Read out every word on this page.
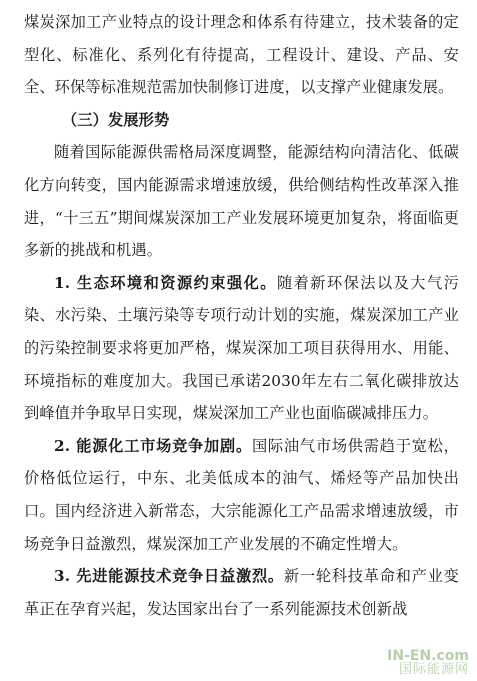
煤炭深加工产业特点的设计理念和体系有待建立，技术装备的定型化、标准化、系列化有待提高，工程设计、建设、产品、安全、环保等标准规范需加快制修订进度，以支撑产业健康发展。

（三）发展形势

随着国际能源供需格局深度调整，能源结构向清洁化、低碳化方向转变，国内能源需求增速放缓，供给侧结构性改革深入推进，“十三五”期间煤炭深加工产业发展环境更加复杂，将面临更多新的挑战和机遇。

1. 生态环境和资源约束强化。随着新环保法以及大气污染、水污染、土壤污染等专项行动计划的实施，煤炭深加工产业的污染控制要求将更加严格，煤炭深加工项目获得用水、用能、环境指标的难度加大。我国已承诺2030年左右二氧化碳排放达到峰值并争取早日实现，煤炭深加工产业也面临碳减排压力。

2. 能源化工市场竞争加剧。国际油气市场供需趋于宽松，价格低位运行，中东、北美低成本的油气、烯烃等产品加快出口。国内经济进入新常态，大宗能源化工产品需求增速放缓，市场竞争日益激烈，煤炭深加工产业发展的不确定性增大。

3. 先进能源技术竞争日益激烈。新一轮科技革命和产业变革正在孕育兴起，发达国家出台了一系列能源技术创新战

IN-EN.com
国际能源网
